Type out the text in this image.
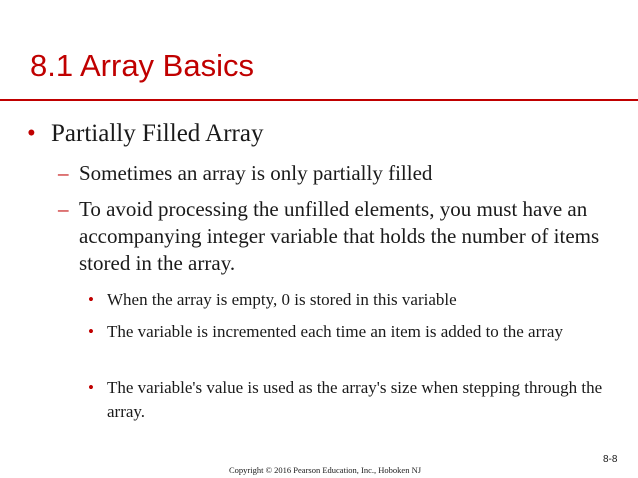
8.1 Array Basics
• Partially Filled Array
– Sometimes an array is only partially filled
– To avoid processing the unfilled elements, you must have an accompanying integer variable that holds the number of items stored in the array.
• When the array is empty, 0 is stored in this variable
• The variable is incremented each time an item is added to the array
• The variable's value is used as the array's size when stepping through the array.
8-8
Copyright © 2016 Pearson Education, Inc., Hoboken NJ
